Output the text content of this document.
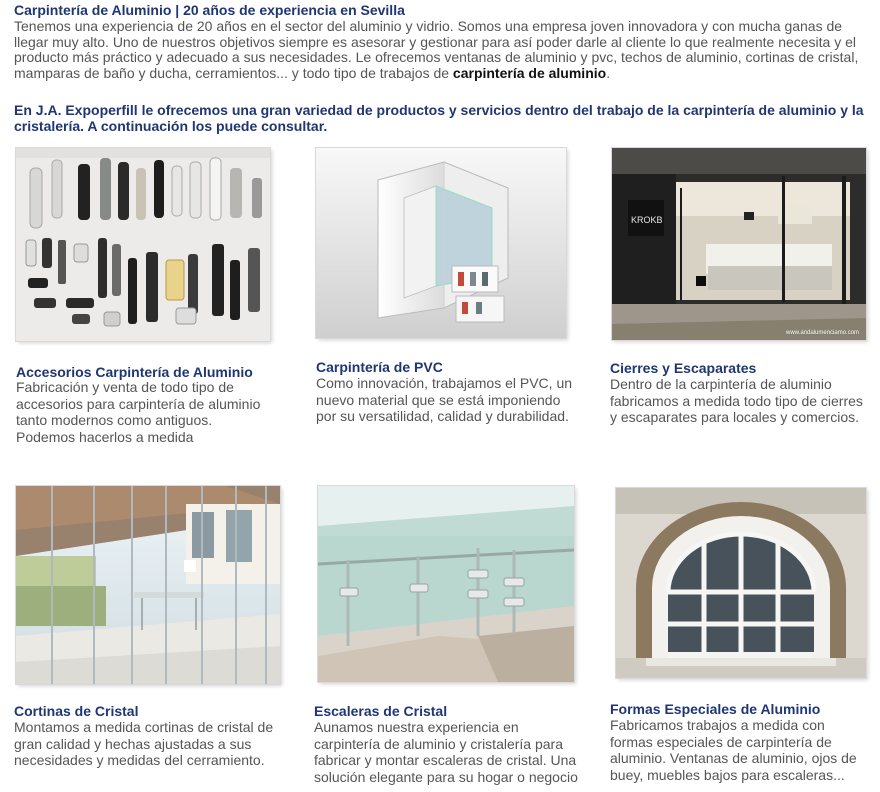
Carpintería de Aluminio | 20 años de experiencia en Sevilla

Tenemos una experiencia de 20 años en el sector del aluminio y vidrio. Somos una empresa joven innovadora y con mucha ganas de llegar muy alto. Uno de nuestros objetivos siempre es asesorar y gestionar para así poder darle al cliente lo que realmente necesita y el producto más práctico y adecuado a sus necesidades. Le ofrecemos ventanas de aluminio y pvc, techos de aluminio, cortinas de cristal, mamparas de baño y ducha, cerramientos... y todo tipo de trabajos de carpintería de aluminio.

En J.A. Expoperfill le ofrecemos una gran variedad de productos y servicios dentro del trabajo de la carpintería de aluminio y la cristalería. A continuación los puede consultar.

Accesorios Carpintería de Aluminio

Fabricación y venta de todo tipo de accesorios para carpintería de aluminio tanto modernos como antiguos. Podemos hacerlos a medida

Carpintería de PVC

Como innovación, trabajamos el PVC, un nuevo material que se está imponiendo por su versatilidad, calidad y durabilidad.

KROKB
www.andalumenciamo.com
Cierres y Escaparates

Dentro de la carpintería de aluminio fabricamos a medida todo tipo de cierres y escaparates para locales y comercios.

Cortinas de Cristal

Montamos a medida cortinas de cristal de gran calidad y hechas ajustadas a sus necesidades y medidas del cerramiento.

Escaleras de Cristal

Aunamos nuestra experiencia en carpintería de aluminio y cristalería para fabricar y montar escaleras de cristal. Una solución elegante para su hogar o negocio

Formas Especiales de Aluminio

Fabricamos trabajos a medida con formas especiales de carpintería de aluminio. Ventanas de aluminio, ojos de buey, muebles bajos para escaleras...
